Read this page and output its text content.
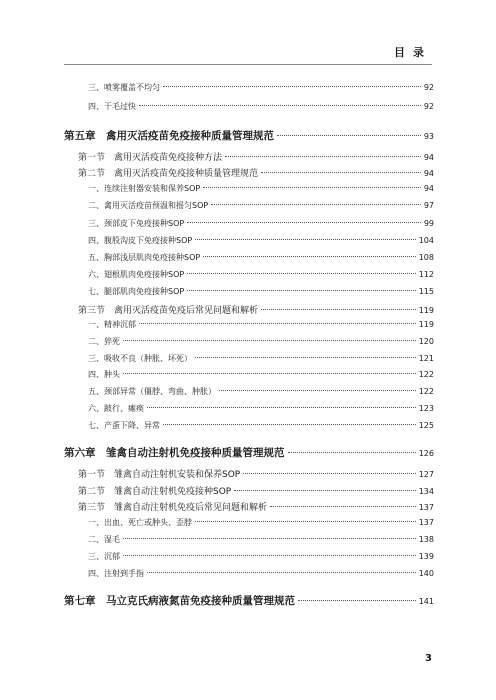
目录
三、喷雾覆盖不均匀	92
四、干毛过快	92
第五章　禽用灭活疫苗免疫接种质量管理规范	93
第一节　禽用灭活疫苗免疫接种方法	94
第二节　禽用灭活疫苗免疫接种质量管理规范	94
一、连续注射器安装和保养SOP	94
二、禽用灭活疫苗预温和摇匀SOP	97
三、颈部皮下免疫接种SOP	99
四、腹股沟皮下免疫接种SOP	104
五、胸部浅层肌肉免疫接种SOP	108
六、翅根肌肉免疫接种SOP	112
七、腿部肌肉免疫接种SOP	115
第三节　禽用灭活疫苗免疫后常见问题和解析	119
一、精神沉郁	119
二、猝死	120
三、吸收不良（肿胀、坏死）	121
四、肿头	122
五、颈部异常（僵脖、弯曲、肿胀）	122
六、跛行、瘫痪	123
七、产蛋下降、异常	125
第六章　雏禽自动注射机免疫接种质量管理规范	126
第一节　雏禽自动注射机安装和保养SOP	127
第二节　雏禽自动注射机免疫接种SOP	134
第三节　雏禽自动注射机免疫后常见问题和解析	137
一、出血、死亡或肿头、歪脖	137
二、湿毛	138
三、沉郁	139
四、注射到手指	140
第七章　马立克氏病液氮苗免疫接种质量管理规范	141
3
